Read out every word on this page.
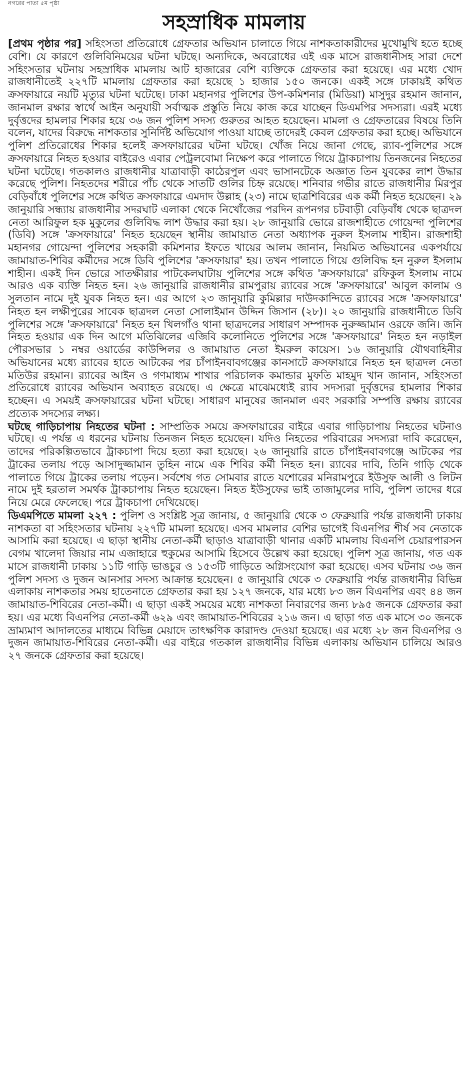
নগরের পাতা ৫ম পৃষ্ঠা
সহস্রাধিক মামলায়

[প্রথম পৃষ্ঠার পর] সহিংসতা প্রতিরোধে গ্রেফতার অভিযান চালাতে গিয়ে নাশকতাকারীদের মুখোমুখি হতে হচ্ছে বেশি। যে কারণে গুলিবিনিময়ের ঘটনা ঘটছে। অন্যদিকে, অবরোধের এই এক মাসে রাজধানীসহ সারা দেশে সহিংসতার ঘটনায় সহস্রাধিক মামলায় আট হাজারের বেশি ব্যক্তিকে গ্রেফতার করা হয়েছে। এর মধ্যে খোদ রাজধানীতেই ২২৭টি মামলায় গ্রেফতার করা হয়েছে ১ হাজার ১৫০ জনকে। একই সঙ্গে ঢাকায়ই কথিত ক্রসফায়ারে নয়টি মৃত্যুর ঘটনা ঘটেছে। ঢাকা মহানগর পুলিশের উপ-কমিশনার (মিডিয়া) মাসুদুর রহমান জানান, জানমাল রক্ষার স্বার্থে আইন অনুযায়ী সর্বাত্মক প্রস্তুতি নিয়ে কাজ করে যাচ্ছেন ডিএমপির সদস্যরা। এরই মধ্যে দুর্বৃত্তদের হামলার শিকার হয়ে ৩৬ জন পুলিশ সদস্য গুরুতর আহত হয়েছেন। মামলা ও গ্রেফতারের বিষয়ে তিনি বলেন, যাদের বিরুদ্ধে নাশকতার সুনির্দিষ্ট অভিযোগ পাওয়া যাচ্ছে তাদেরই কেবল গ্রেফতার করা হচ্ছে। অভিযানে পুলিশ প্রতিরোধের শিকার হলেই ক্রসফায়ারের ঘটনা ঘটছে। খোঁজ নিয়ে জানা গেছে, র‌্যাব-পুলিশের সঙ্গে ক্রসফায়ারে নিহত হওয়ার বাইরেও এবার পেট্রলবোমা নিক্ষেপ করে পালাতে গিয়ে ট্রাকচাপায় তিনজনের নিহতের ঘটনা ঘটেছে। গতকালও রাজধানীর যাত্রাবাড়ী কাঠেরপুল এবং ভাসানটেকে অজ্ঞাত তিন যুবকের লাশ উদ্ধার করেছে পুলিশ। নিহতদের শরীরে পাঁচ থেকে সাতটি গুলির চিহ্ন রয়েছে। শনিবার গভীর রাতে রাজধানীর মিরপুর বেড়িবাঁধে পুলিশের সঙ্গে কথিত ক্রসফায়ারে এমদাদ উল্লাহ (২৩) নামে ছাত্রশিবিরের এক কর্মী নিহত হয়েছেন। ২৯ জানুয়ারি সন্ধ্যায় রাজধানীর সদরঘাট এলাকা থেকে নিখোঁজের পরদিন রূপনগর চটবাড়ী বেড়িবাঁধ থেকে ছাত্রদল নেতা আরিফুল হক মুকুলের গুলিবিদ্ধ লাশ উদ্ধার করা হয়। ২৮ জানুয়ারি ভোরে রাজশাহীতে গোয়েন্দা পুলিশের (ডিবি) সঙ্গে 'ক্রসফায়ারে' নিহত হয়েছেন স্থানীয় জামায়াত নেতা অধ্যাপক নুরুল ইসলাম শাহীন। রাজশাহী মহানগর গোয়েন্দা পুলিশের সহকারী কমিশনার ইফতে খায়ের আলম জানান, নিয়মিত অভিযানের একপর্যায়ে জামায়াত-শিবির কর্মীদের সঙ্গে ডিবি পুলিশের 'ক্রসফায়ার' হয়। তখন পালাতে গিয়ে গুলিবিদ্ধ হন নুরুল ইসলাম শাহীন। একই দিন ভোরে সাতক্ষীরার পাটকেলঘাটায় পুলিশের সঙ্গে কথিত 'ক্রসফায়ারে' রফিকুল ইসলাম নামে আরও এক ব্যক্তি নিহত হন। ২৬ জানুয়ারি রাজধানীর রামপুরায় র‌্যাবের সঙ্গে 'ক্রসফায়ারে' আবুল কালাম ও সুলতান নামে দুই যুবক নিহত হন। এর আগে ২৩ জানুয়ারি কুমিল্লার দাউদকান্দিতে র‌্যাবের সঙ্গে 'ক্রসফায়ারে' নিহত হন লক্ষীপুরের সাবেক ছাত্রদল নেতা সোলাইমান উদ্দিন জিসান (২৮)। ২০ জানুয়ারি রাজধানীতে ডিবি পুলিশের সঙ্গে 'ক্রসফায়ারে' নিহত হন খিলগাঁও থানা ছাত্রদলের সাধারণ সম্পাদক নুরুজ্জামান ওরফে জনি। জনি নিহত হওয়ার এক দিন আগে মতিঝিলের এজিবি কলোনিতে পুলিশের সঙ্গে 'ক্রসফায়ারে' নিহত হন নড়াইল পৌরসভার ১ নম্বর ওয়ার্ডের কাউন্সিলর ও জামায়াত নেতা ইমরুল কায়েস। ১৬ জানুয়ারি যৌথবাহিনীর অভিযানের মধ্যে র‌্যাবের হাতে আটকের পর চাঁপাইনবাবগঞ্জের কানসাটে ক্রসফায়ারে নিহত হন ছাত্রদল নেতা মতিউর রহমান। র‌্যাবের আইন ও গণমাধ্যম শাখার পরিচালক কমান্ডার মুফতি মাহমুদ খান জানান, সহিংসতা প্রতিরোধে র‌্যাবের অভিযান অব্যাহত রয়েছে। এ ক্ষেত্রে মাঝেমধ্যেই র‌্যাব সদস্যরা দুর্বৃত্তদের হামলার শিকার হচ্ছেন। এ সময়ই ক্রসফায়ারের ঘটনা ঘটছে। সাধারণ মানুষের জানমাল এবং সরকারি সম্পত্তি রক্ষায় র‌্যাবের প্রত্যেক সদস্যের লক্ষ্য।

ঘটছে গাড়িচাপায় নিহতের ঘটনা : সাম্প্রতিক সময়ে ক্রসফায়ারের বাইরে এবার গাড়িচাপায় নিহতের ঘটনাও ঘটছে। এ পর্যন্ত এ ধরনের ঘটনায় তিনজন নিহত হয়েছেন। যদিও নিহতের পরিবারের সদস্যরা দাবি করেছেন, তাদের পরিকল্পিতভাবে ট্রাকচাপা দিয়ে হত্যা করা হয়েছে। ২৬ জানুয়ারি রাতে চাঁপাইনবাবগঞ্জে আটকের পর ট্রাকের তলায় পড়ে আসাদুজ্জামান তুহিন নামে এক শিবির কর্মী নিহত হন। র‌্যাবের দাবি, তিনি গাড়ি থেকে পালাতে গিয়ে ট্রাকের তলায় পড়েন। সর্বশেষ গত সোমবার রাতে যশোরের মনিরামপুরে ইউসুফ আলী ও লিটন নামে দুই হরতাল সমর্থক ট্রাকচাপায় নিহত হয়েছেন। নিহত ইউসুফের ভাই তাজামুলের দাবি, পুলিশ তাদের ধরে নিয়ে মেরে ফেলেছে। পরে ট্রাকচাপা দেখিয়েছে।

ডিএমপিতে মামলা ২২৭ : পুলিশ ও সংশ্লিষ্ট সূত্র জানায়, ৫ জানুয়ারি থেকে ৩ ফেব্রুয়ারি পর্যন্ত রাজধানী ঢাকায় নাশকতা বা সহিংসতার ঘটনায় ২২৭টি মামলা হয়েছে। এসব মামলার বেশির ভাগেই বিএনপির শীর্ষ সব নেতাকে আসামি করা হয়েছে। এ ছাড়া স্থানীয় নেতা-কর্মী ছাড়াও যাত্রাবাড়ী থানার একটি মামলায় বিএনপি চেয়ারপারসন বেগম খালেদা জিয়ার নাম এজাহারে হুকুমের আসামি হিসেবে উল্লেখ করা হয়েছে। পুলিশ সূত্র জানায়, গত এক মাসে রাজধানী ঢাকায় ১১টি গাড়ি ভাঙচুর ও ১৫৩টি গাড়িতে অগ্নিসংযোগ করা হয়েছে। এসব ঘটনায় ৩৬ জন পুলিশ সদস্য ও দুজন আনসার সদস্য আক্রান্ত হয়েছেন। ৫ জানুয়ারি থেকে ৩ ফেব্রুয়ারি পর্যন্ত রাজধানীর বিভিন্ন এলাকায় নাশকতার সময় হাতেনাতে গ্রেফতার করা হয় ১২৭ জনকে, যার মধ্যে ৮৩ জন বিএনপির এবং ৪৪ জন জামায়াত-শিবিরের নেতা-কর্মী। এ ছাড়া একই সময়ের মধ্যে নাশকতা নিবারণের জন্য ৮৯৫ জনকে গ্রেফতার করা হয়। এর মধ্যে বিএনপির নেতা-কর্মী ৬২৯ এবং জামায়াত-শিবিরের ২১৬ জন। এ ছাড়া গত এক মাসে ৩০ জনকে ভ্রাম্যমাণ আদালতের মাধ্যমে বিভিন্ন মেয়াদে তাৎক্ষণিক কারাদণ্ড দেওয়া হয়েছে। এর মধ্যে ২৮ জন বিএনপির ও দুজন জামায়াত-শিবিরের নেতা-কর্মী। এর বাইরে গতকাল রাজধানীর বিভিন্ন এলাকায় অভিযান চালিয়ে আরও ২৭ জনকে গ্রেফতার করা হয়েছে।
